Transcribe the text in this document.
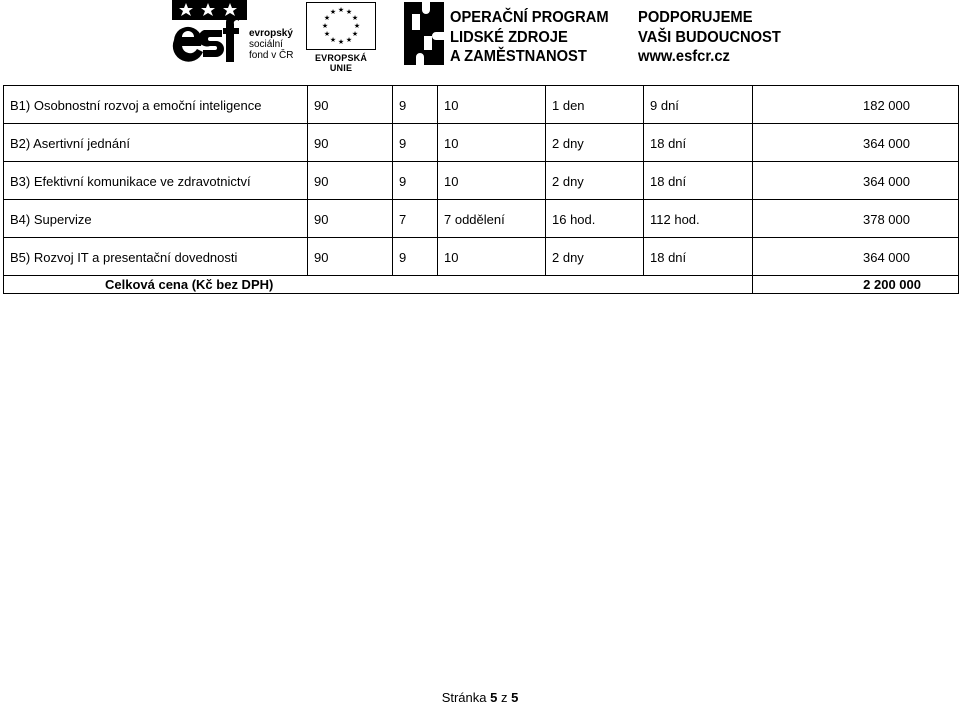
evropský
sociální
fond v ČR
★ ★
★
★
★
★
★
★
★
★
★
★
EVROPSKÁ UNIE
OPERAČNÍ PROGRAM
LIDSKÉ ZDROJE
A ZAMĚSTNANOST
PODPORUJEME
VAŠI BUDOUCNOST
www.esfcr.cz
B1) Osobnostní rozvoj a emoční inteligence	90	9	10	1 den	9 dní	182 000
B2) Asertivní jednání	90	9	10	2 dny	18 dní	364 000
B3) Efektivní komunikace ve zdravotnictví	90	9	10	2 dny	18 dní	364 000
B4) Supervize	90	7	7 oddělení	16 hod.	112 hod.	378 000
B5) Rozvoj IT a presentační dovednosti	90	9	10	2 dny	18 dní	364 000
Celková cena (Kč bez DPH)						2 200 000
Stránka 5 z 5
